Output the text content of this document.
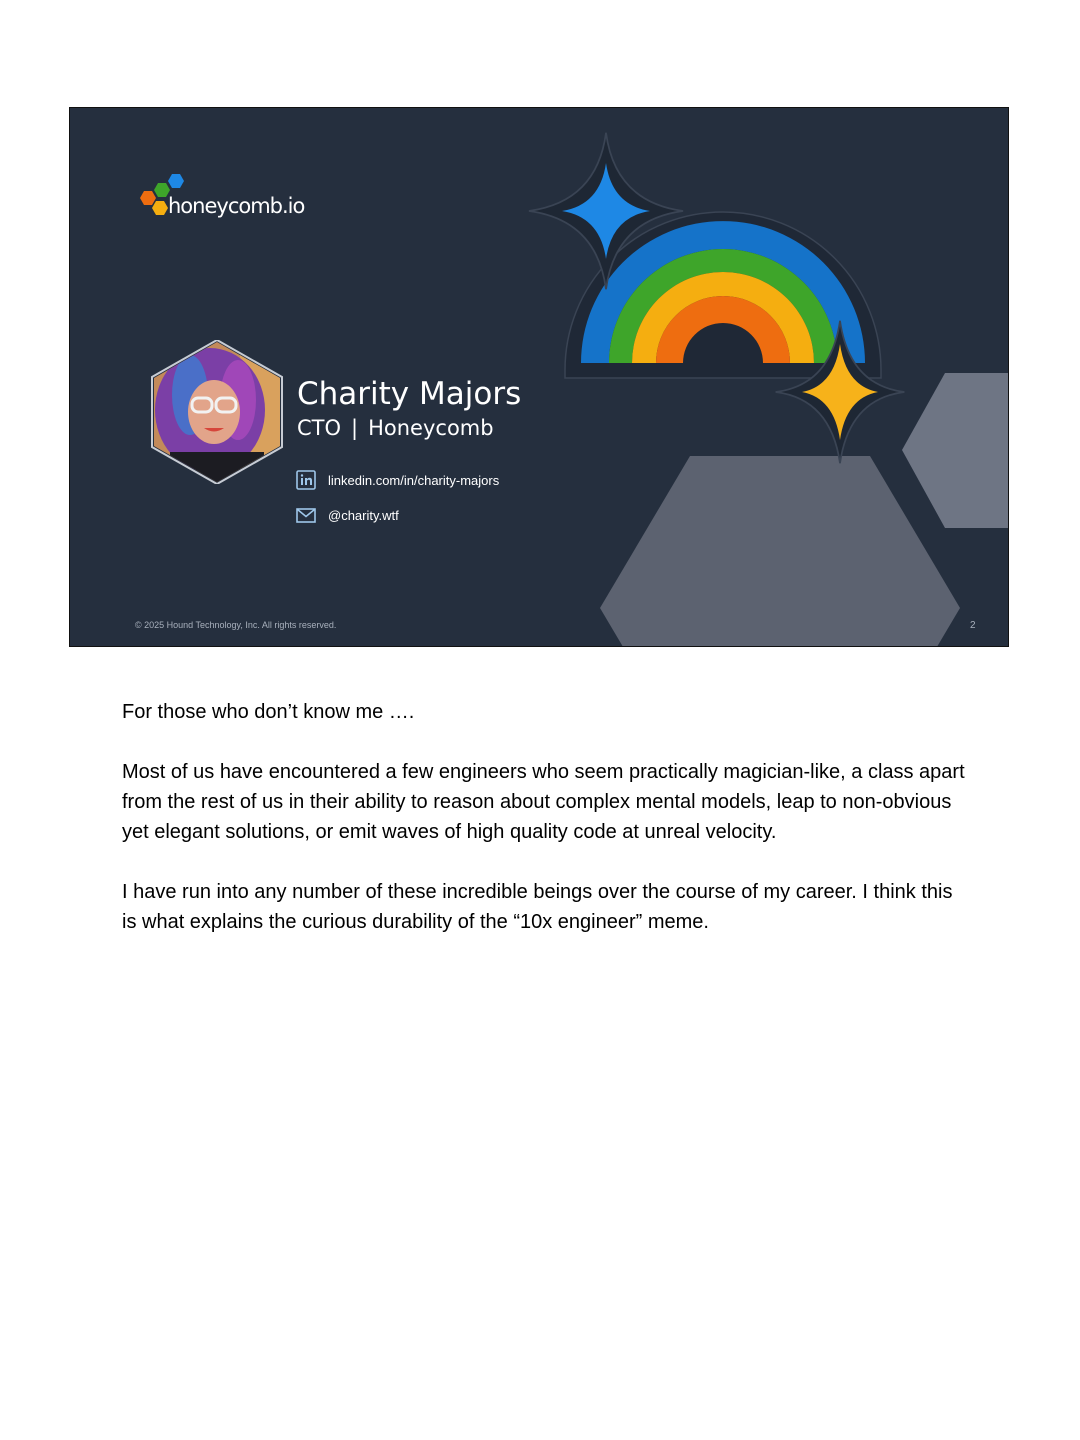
honeycomb.io
Charity Majors
CTO | Honeycomb
linkedin.com/in/charity-majors
@charity.wtf
© 2025 Hound Technology, Inc. All rights reserved.	2

For those who don’t know me ….

Most of us have encountered a few engineers who seem practically magician-like, a class apart from the rest of us in their ability to reason about complex mental models, leap to non-obvious yet elegant solutions, or emit waves of high quality code at unreal velocity.

I have run into any number of these incredible beings over the course of my career. I think this is what explains the curious durability of the “10x engineer” meme.
